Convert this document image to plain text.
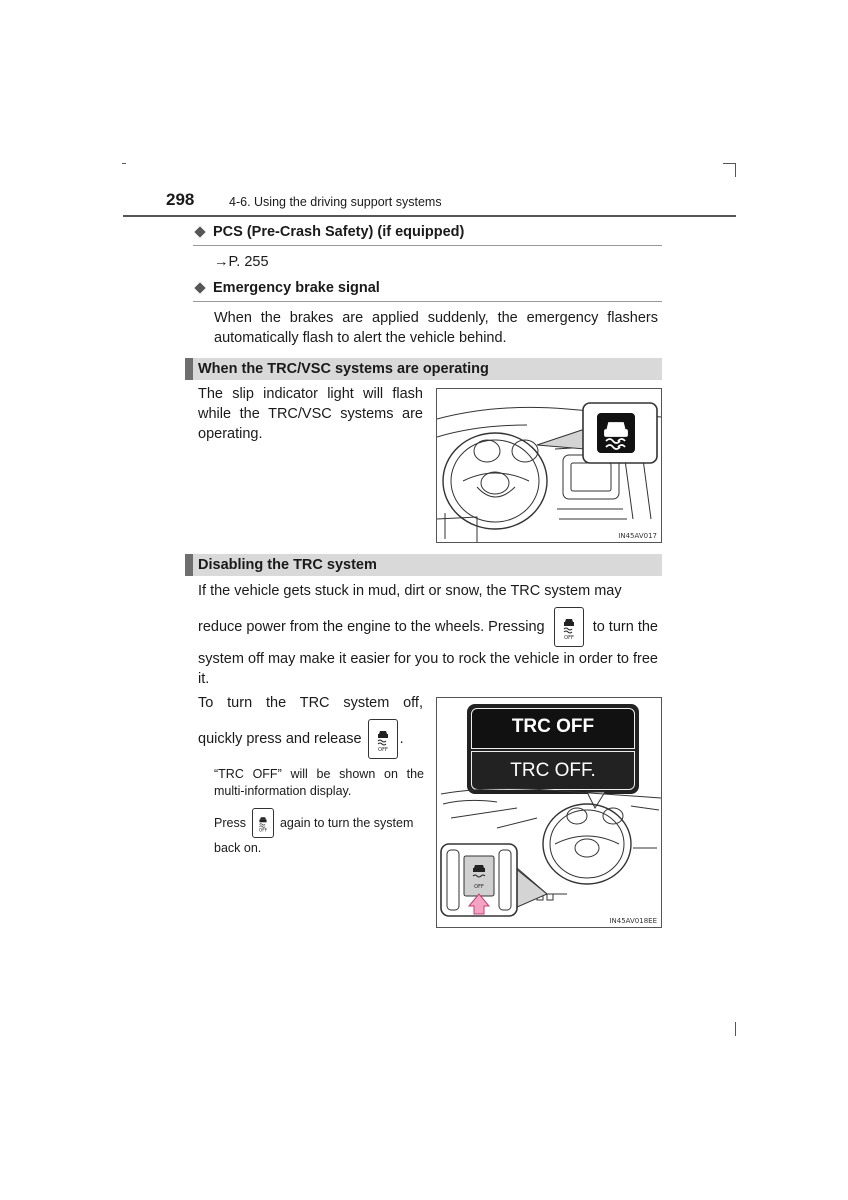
298	4-6. Using the driving support systems
PCS (Pre-Crash Safety) (if equipped)
→P. 255
Emergency brake signal
When the brakes are applied suddenly, the emergency flashers automatically flash to alert the vehicle behind.
When the TRC/VSC systems are operating
The slip indicator light will flash while the TRC/VSC systems are operating.
IN45AV017
Disabling the TRC system
If the vehicle gets stuck in mud, dirt or snow, the TRC system may
reduce power from the engine to the wheels. Pressing
OFF
to turn the
system off may make it easier for you to rock the vehicle in order to free it.
To turn the TRC system off,
quickly press and release
OFF
.
“TRC OFF” will be shown on the multi-information display.
Press
OFF
again to turn the system
back on.
TRC OFF
TRC OFF.
OFF
IN45AV018EE
